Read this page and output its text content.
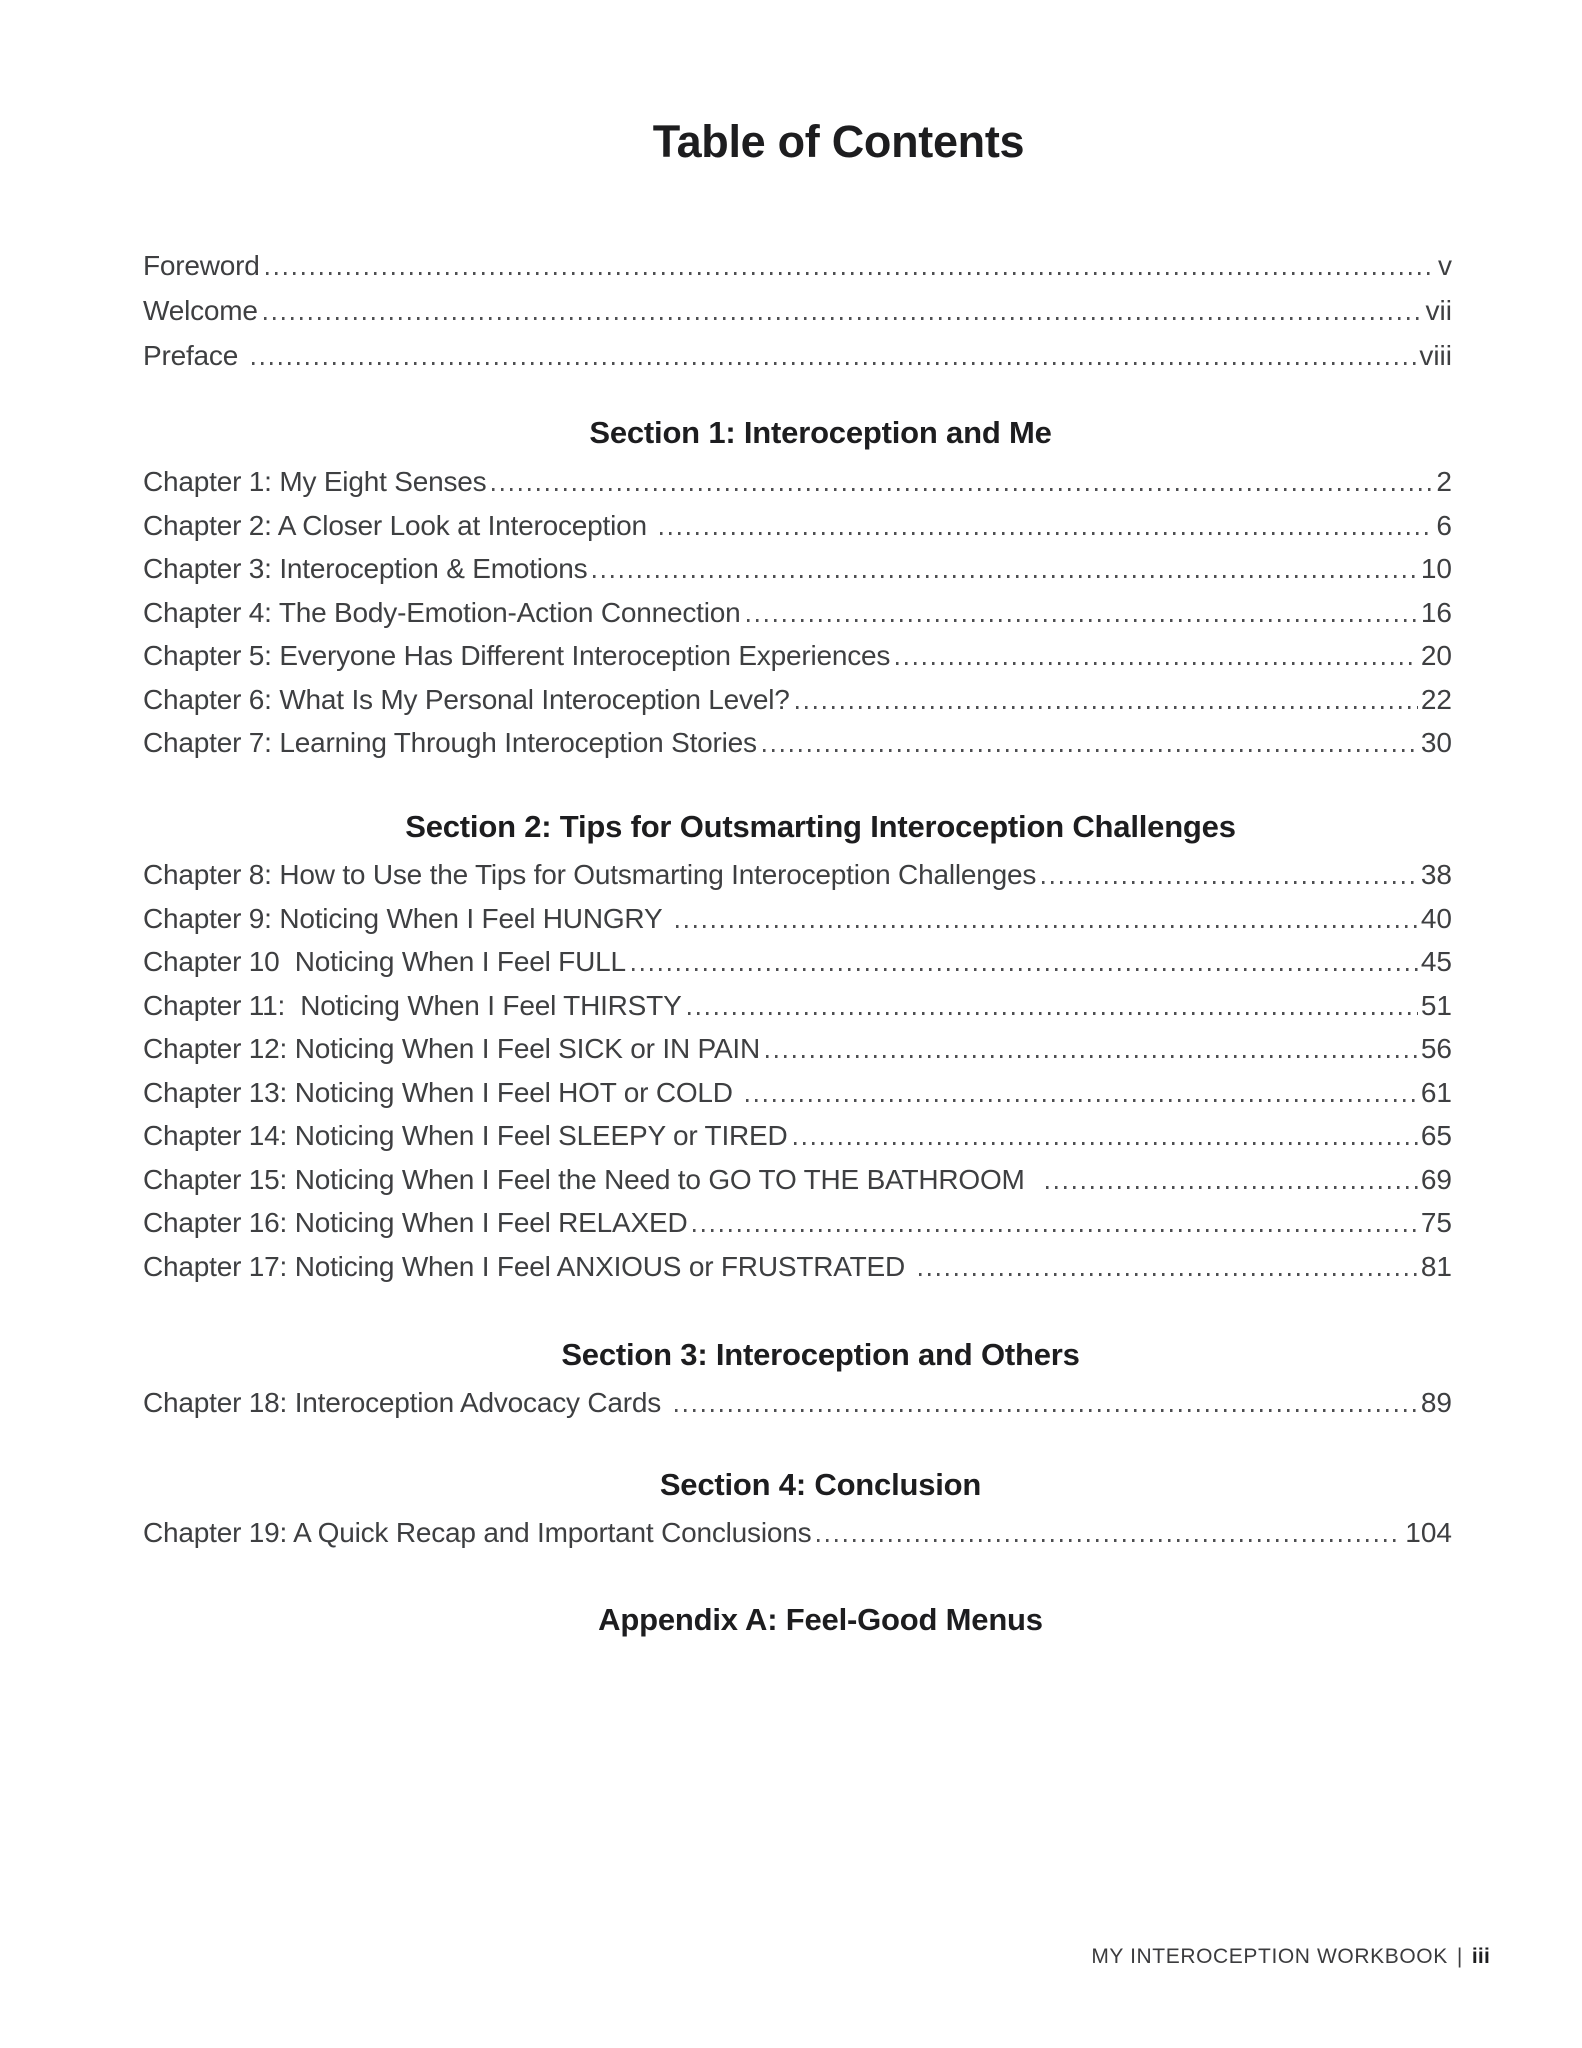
Table of Contents
Foreword	v
Welcome	vii
Preface	viii
Section 1: Interoception and Me
Chapter 1: My Eight Senses	2
Chapter 2: A Closer Look at Interoception	6
Chapter 3: Interoception & Emotions	10
Chapter 4: The Body-Emotion-Action Connection	16
Chapter 5: Everyone Has Different Interoception Experiences	20
Chapter 6: What Is My Personal Interoception Level?	22
Chapter 7: Learning Through Interoception Stories	30
Section 2: Tips for Outsmarting Interoception Challenges
Chapter 8: How to Use the Tips for Outsmarting Interoception Challenges	38
Chapter 9: Noticing When I Feel HUNGRY	40
Chapter 10  Noticing When I Feel FULL	45
Chapter 11:  Noticing When I Feel THIRSTY	51
Chapter 12: Noticing When I Feel SICK or IN PAIN	56
Chapter 13: Noticing When I Feel HOT or COLD	61
Chapter 14: Noticing When I Feel SLEEPY or TIRED	65
Chapter 15: Noticing When I Feel the Need to GO TO THE BATHROOM	69
Chapter 16: Noticing When I Feel RELAXED	75
Chapter 17: Noticing When I Feel ANXIOUS or FRUSTRATED	81
Section 3: Interoception and Others
Chapter 18: Interoception Advocacy Cards	89
Section 4: Conclusion
Chapter 19: A Quick Recap and Important Conclusions	104
Appendix A: Feel-Good Menus
MY INTEROCEPTION WORKBOOK | iii
